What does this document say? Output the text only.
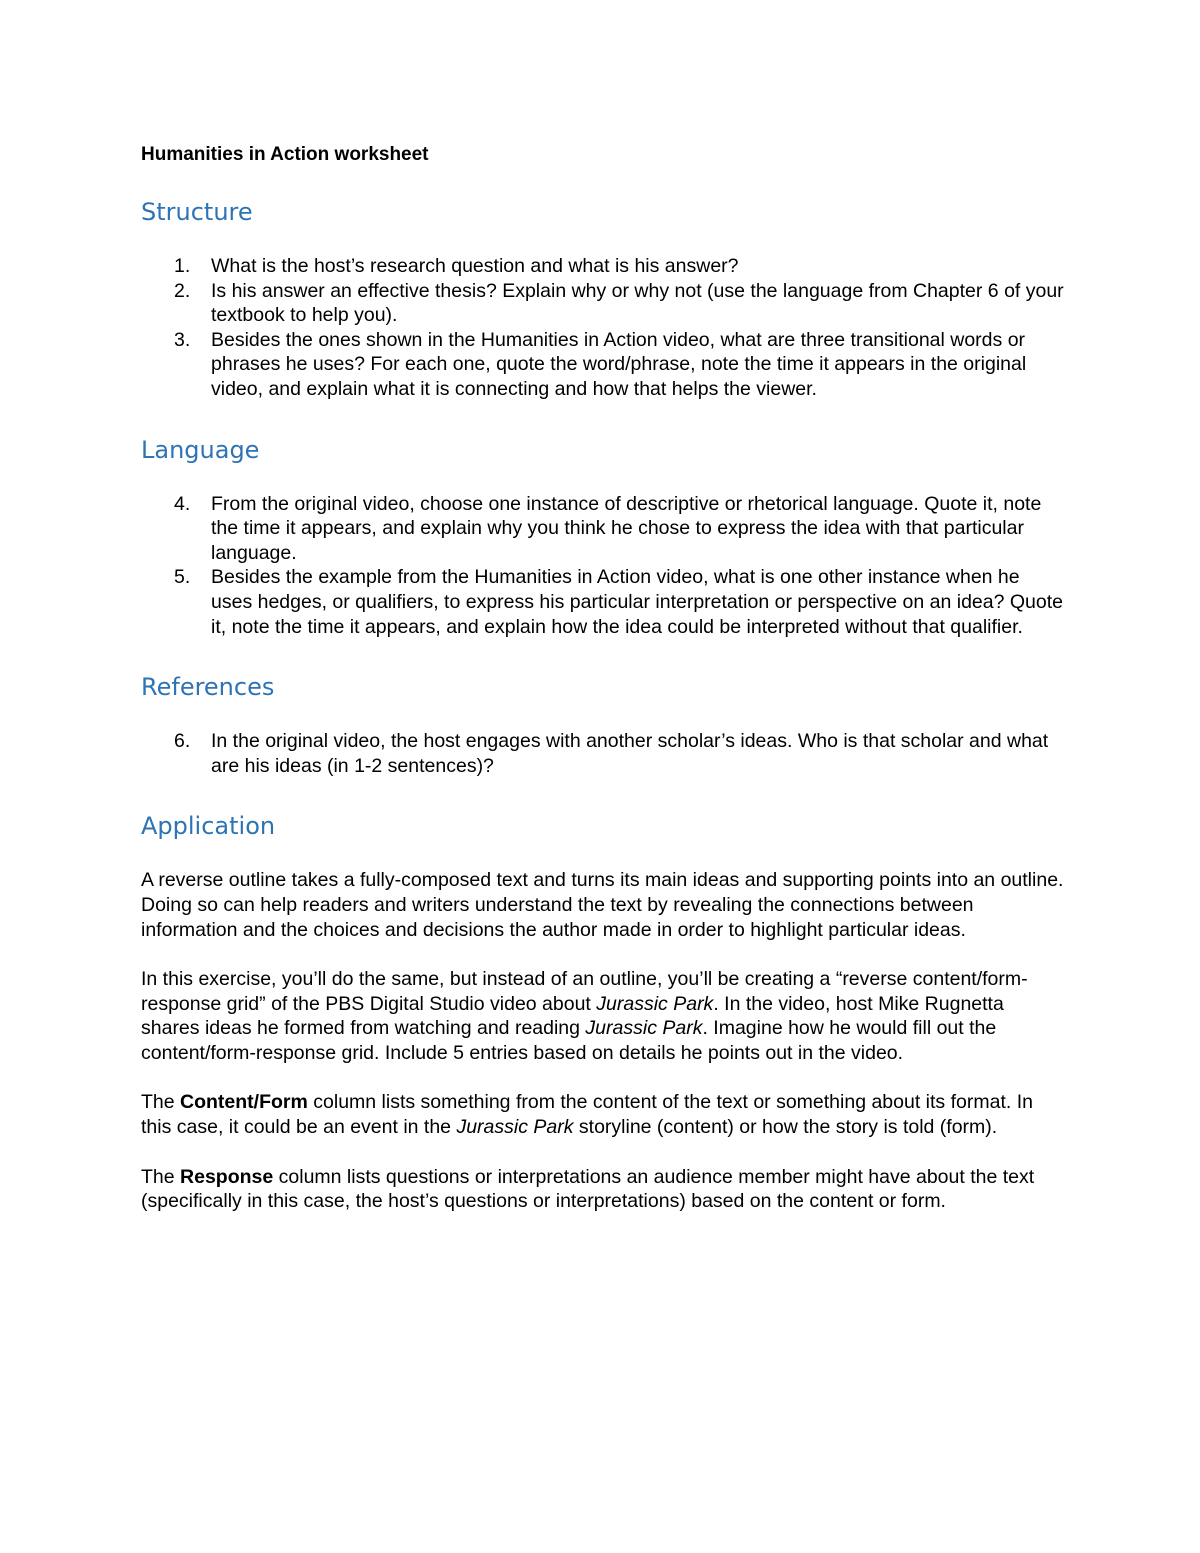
Humanities in Action worksheet
Structure
1. What is the host’s research question and what is his answer?
2. Is his answer an effective thesis? Explain why or why not (use the language from Chapter 6 of your textbook to help you).
3. Besides the ones shown in the Humanities in Action video, what are three transitional words or phrases he uses? For each one, quote the word/phrase, note the time it appears in the original video, and explain what it is connecting and how that helps the viewer.
Language
4. From the original video, choose one instance of descriptive or rhetorical language. Quote it, note the time it appears, and explain why you think he chose to express the idea with that particular language.
5. Besides the example from the Humanities in Action video, what is one other instance when he uses hedges, or qualifiers, to express his particular interpretation or perspective on an idea? Quote it, note the time it appears, and explain how the idea could be interpreted without that qualifier.
References
6. In the original video, the host engages with another scholar’s ideas. Who is that scholar and what are his ideas (in 1-2 sentences)?
Application

A reverse outline takes a fully-composed text and turns its main ideas and supporting points into an outline. Doing so can help readers and writers understand the text by revealing the connections between information and the choices and decisions the author made in order to highlight particular ideas.

In this exercise, you’ll do the same, but instead of an outline, you’ll be creating a “reverse content/form-response grid” of the PBS Digital Studio video about Jurassic Park. In the video, host Mike Rugnetta shares ideas he formed from watching and reading Jurassic Park. Imagine how he would fill out the content/form-response grid. Include 5 entries based on details he points out in the video.

The Content/Form column lists something from the content of the text or something about its format. In this case, it could be an event in the Jurassic Park storyline (content) or how the story is told (form).

The Response column lists questions or interpretations an audience member might have about the text (specifically in this case, the host’s questions or interpretations) based on the content or form.
